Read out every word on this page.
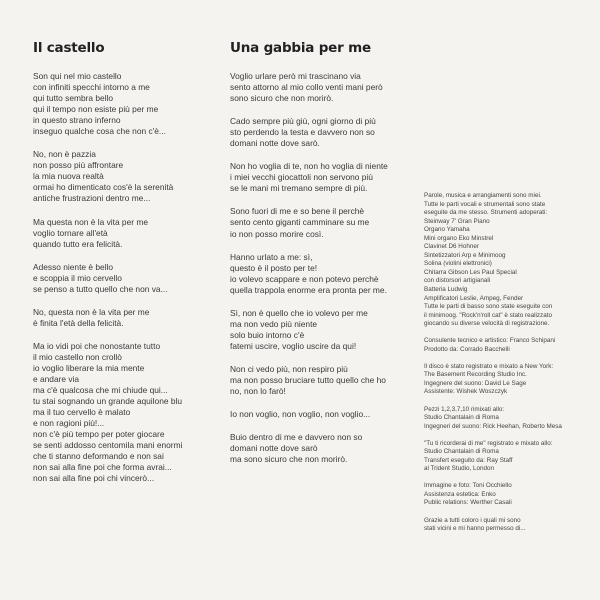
Il castello
Son qui nel mio castello
con infiniti specchi intorno a me
qui tutto sembra bello
qui il tempo non esiste più per me
in questo strano inferno
inseguo qualche cosa che non c'è...
No, non è pazzia
non posso più affrontare
la mia nuova realtà
ormai ho dimenticato cos'è la serenità
antiche frustrazioni dentro me...
Ma questa non è la vita per me
voglio tornare all'età
quando tutto era felicità.
Adesso niente è bello
e scoppia il mio cervello
se penso a tutto quello che non va...
No, questa non è la vita per me
è finita l'età della felicità.
Ma io vidi poi che nonostante tutto
il mio castello non crollò
io voglio liberare la mia mente
e andare via
ma c'è qualcosa che mi chiude qui...
tu stai sognando un grande aquilone blu
ma il tuo cervello è malato
e non ragioni più!...
non c'è più tempo per poter giocare
se senti addosso centomila mani enormi
che ti stanno deformando e non sai
non sai alla fine poi che forma avrai...
non sai alla fine poi chi vincerò...
Una gabbia per me
Voglio urlare però mi trascinano via
sento attorno al mio collo venti mani però
sono sicuro che non morirò.
Cado sempre più giù, ogni giorno di più
sto perdendo la testa e davvero non so
domani notte dove sarò.
Non ho voglia di te, non ho voglia di niente
i miei vecchi giocattoli non servono più
se le mani mi tremano sempre di più.
Sono fuori di me e so bene il perchè
sento cento giganti camminare su me
io non posso morire così.
Hanno urlato a me: sì,
questo è il posto per te!
io volevo scappare e non potevo perchè
quella trappola enorme era pronta per me.
Sì, non è quello che io volevo per me
ma non vedo più niente
solo buio intorno c'è
fatemi uscire, voglio uscire da qui!
Non ci vedo più, non respiro più
ma non posso bruciare tutto quello che ho
no, non lo farò!
Io non voglio, non voglio, non voglio...
Buio dentro di me e davvero non so
domani notte dove sarò
ma sono sicuro che non morirò.
Parole, musica e arrangiamenti sono miei.
Tutte le parti vocali e strumentali sono state
eseguite da me stesso. Strumenti adoperati:
Steinway 7' Gran Piano
Organo Yamaha
Mini organo Eko Minstrel
Clavinet D6 Hohner
Sintetizzatori Arp e Minimoog
Solina (violini elettronici)
Chitarra Gibson Les Paul Special
con distorsori artigianali
Batteria Ludwig
Amplificatori Leslie, Ampeg, Fender
Tutte le parti di basso sono state eseguite con
il minimoog. "Rock'n'roll cat" è stato realizzato
giocando su diverse velocità di registrazione.
Consulente tecnico e artistico: Franco Schipani
Prodotto da: Corrado Bacchelli
Il disco è stato registrato e mixato a New York:
The Basement Recording Studio Inc.
Ingegnere del suono: David Le Sage
Assistente: Wishek Woszczyk
Pezzi 1,2,3,7,10 rimixati allo:
Studio Chantalain di Roma
Ingegneri del suono: Rick Heehan, Roberto Mesa
"Tu ti ricorderai di me" registrato e mixato allo:
Studio Chantalain di Roma
Transfert eseguito da: Ray Staff
al Trident Studio, London
Immagine e foto: Toni Occhiello
Assistenza estetica: Enko
Public relations: Werther Casali
Grazie a tutti coloro i quali mi sono
stati vicini e mi hanno permesso di...
